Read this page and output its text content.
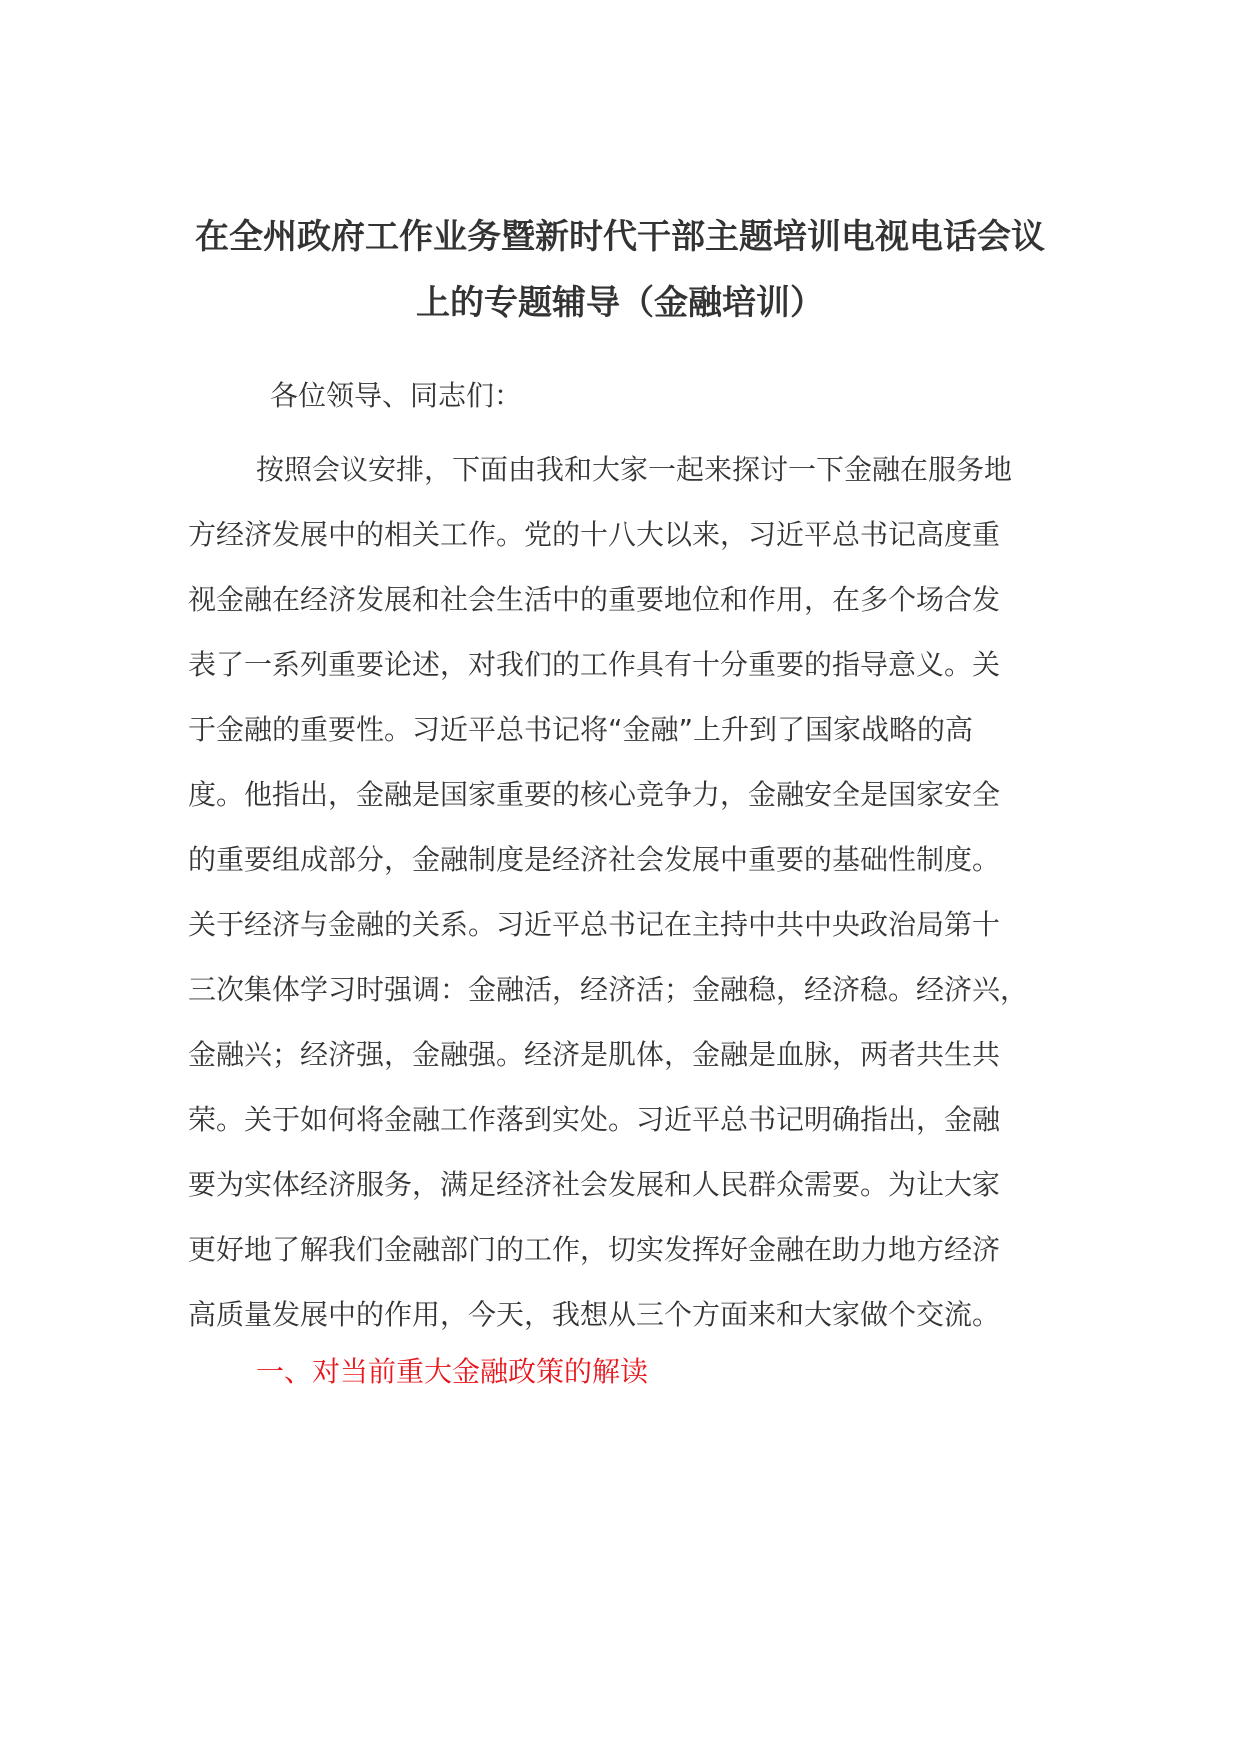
在全州政府工作业务暨新时代干部主题培训电视电话会议
上的专题辅导（金融培训）
各位领导、同志们：
按照会议安排，下面由我和大家一起来探讨一下金融在服务地
方经济发展中的相关工作。党的十八大以来，习近平总书记高度重
视金融在经济发展和社会生活中的重要地位和作用，在多个场合发
表了一系列重要论述，对我们的工作具有十分重要的指导意义。关
于金融的重要性。习近平总书记将“金融”上升到了国家战略的高
度。他指出，金融是国家重要的核心竞争力，金融安全是国家安全
的重要组成部分，金融制度是经济社会发展中重要的基础性制度。
关于经济与金融的关系。习近平总书记在主持中共中央政治局第十
三次集体学习时强调：金融活，经济活；金融稳，经济稳。经济兴，
金融兴；经济强，金融强。经济是肌体，金融是血脉，两者共生共
荣。关于如何将金融工作落到实处。习近平总书记明确指出，金融
要为实体经济服务，满足经济社会发展和人民群众需要。为让大家
更好地了解我们金融部门的工作，切实发挥好金融在助力地方经济
高质量发展中的作用，今天，我想从三个方面来和大家做个交流。
一、对当前重大金融政策的解读
